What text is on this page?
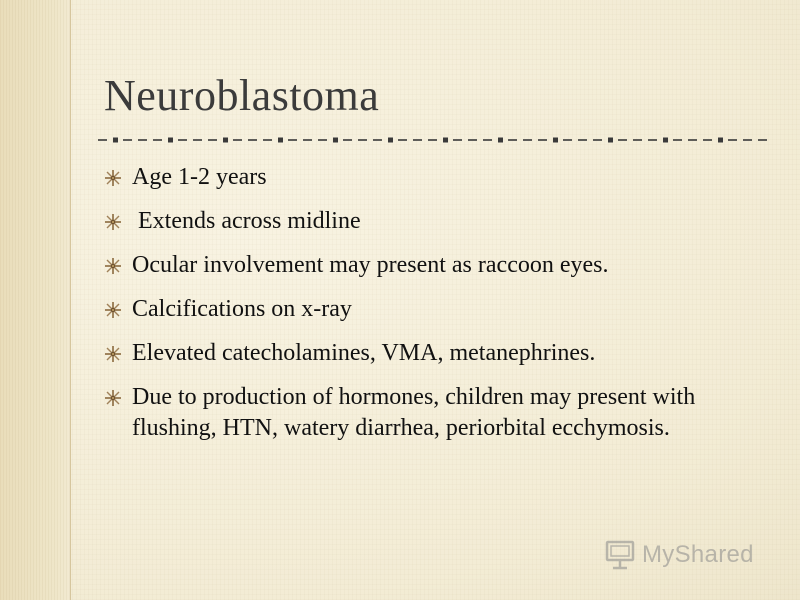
Neuroblastoma
Age 1-2 years
Extends across midline
Ocular involvement may present as raccoon eyes.
Calcifications on x-ray
Elevated catecholamines, VMA, metanephrines.
Due to production of hormones, children may present with flushing, HTN, watery diarrhea, periorbital ecchymosis.
MyShared
